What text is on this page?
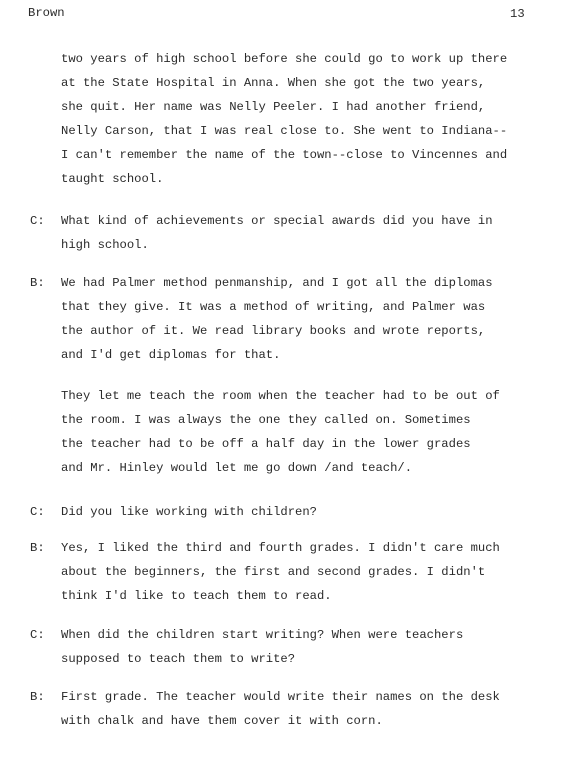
Brown	13
two years of high school before she could go to work up there
at the State Hospital in Anna. When she got the two years,
she quit. Her name was Nelly Peeler. I had another friend,
Nelly Carson, that I was real close to. She went to Indiana--
I can't remember the name of the town--close to Vincennes and
taught school.
C: What kind of achievements or special awards did you have in
high school.
B: We had Palmer method penmanship, and I got all the diplomas
that they give. It was a method of writing, and Palmer was
the author of it. We read library books and wrote reports,
and I'd get diplomas for that.
They let me teach the room when the teacher had to be out of
the room. I was always the one they called on. Sometimes
the teacher had to be off a half day in the lower grades
and Mr. Hinley would let me go down /and teach/.
C: Did you like working with children?
B: Yes, I liked the third and fourth grades. I didn't care much
about the beginners, the first and second grades. I didn't
think I'd like to teach them to read.
C: When did the children start writing? When were teachers
supposed to teach them to write?
B: First grade. The teacher would write their names on the desk
with chalk and have them cover it with corn.
